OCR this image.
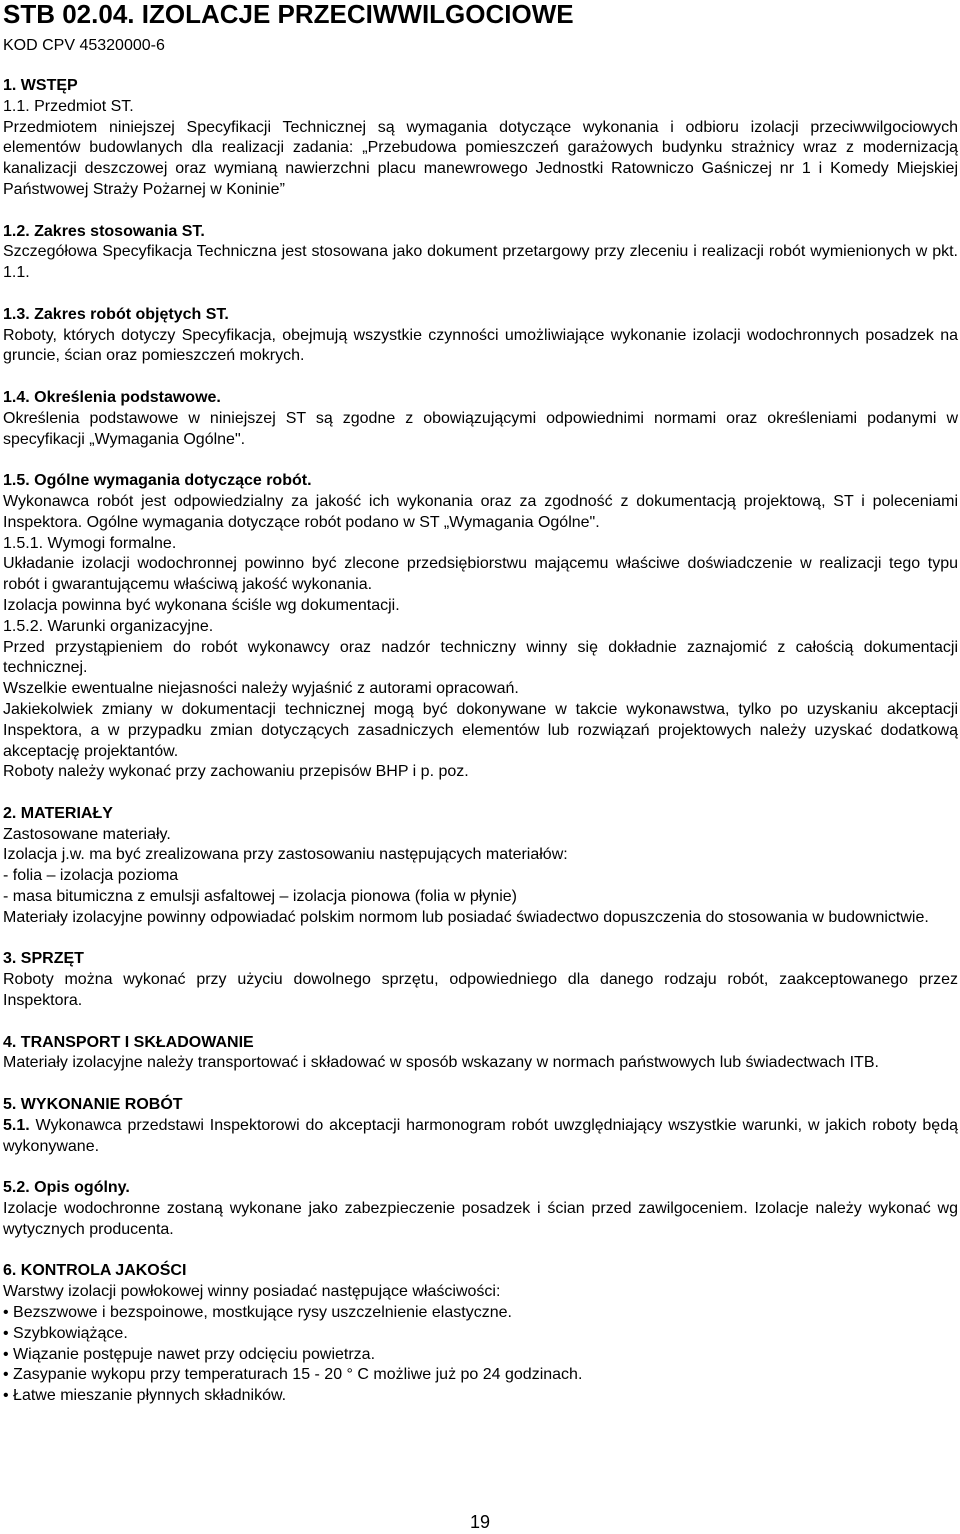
STB 02.04. IZOLACJE PRZECIWWILGOCIOWE

KOD CPV 45320000-6

1. WSTĘP

1.1. Przedmiot ST.

Przedmiotem niniejszej Specyfikacji Technicznej są wymagania dotyczące wykonania i odbioru izolacji przeciwwilgociowych elementów budowlanych dla realizacji zadania: „Przebudowa pomieszczeń garażowych budynku strażnicy wraz z modernizacją kanalizacji deszczowej oraz wymianą nawierzchni placu manewrowego Jednostki Ratowniczo Gaśniczej nr 1 i Komedy Miejskiej Państwowej Straży Pożarnej w Koninie”

1.2. Zakres stosowania ST.

Szczegółowa Specyfikacja Techniczna jest stosowana jako dokument przetargowy przy zleceniu i realizacji robót wymienionych w pkt. 1.1.

1.3. Zakres robót objętych ST.

Roboty, których dotyczy Specyfikacja, obejmują wszystkie czynności umożliwiające wykonanie izolacji wodochronnych posadzek na gruncie, ścian oraz pomieszczeń mokrych.

1.4. Określenia podstawowe.

Określenia podstawowe w niniejszej ST są zgodne z obowiązującymi odpowiednimi normami oraz określeniami podanymi w specyfikacji „Wymagania Ogólne".

1.5. Ogólne wymagania dotyczące robót.

Wykonawca robót jest odpowiedzialny za jakość ich wykonania oraz za zgodność z dokumentacją projektową, ST i poleceniami Inspektora. Ogólne wymagania dotyczące robót podano w ST „Wymagania Ogólne".

1.5.1. Wymogi formalne.

Układanie izolacji wodochronnej powinno być zlecone przedsiębiorstwu mającemu właściwe doświadczenie w realizacji tego typu robót i gwarantującemu właściwą jakość wykonania.

Izolacja powinna być wykonana ściśle wg dokumentacji.

1.5.2. Warunki organizacyjne.

Przed przystąpieniem do robót wykonawcy oraz nadzór techniczny winny się dokładnie zaznajomić z całością dokumentacji technicznej.

Wszelkie ewentualne niejasności należy wyjaśnić z autorami opracowań.

Jakiekolwiek zmiany w dokumentacji technicznej mogą być dokonywane w takcie wykonawstwa, tylko po uzyskaniu akceptacji Inspektora, a w przypadku zmian dotyczących zasadniczych elementów lub rozwiązań projektowych należy uzyskać dodatkową akceptację projektantów.

Roboty należy wykonać przy zachowaniu przepisów BHP i p. poz.

2. MATERIAŁY

Zastosowane materiały.

Izolacja j.w. ma być zrealizowana przy zastosowaniu następujących materiałów:

- folia – izolacja pozioma

- masa bitumiczna z emulsji asfaltowej – izolacja pionowa (folia w płynie)

Materiały izolacyjne powinny odpowiadać polskim normom lub posiadać świadectwo dopuszczenia do stosowania w budownictwie.

3. SPRZĘT

Roboty można wykonać przy użyciu dowolnego sprzętu, odpowiedniego dla danego rodzaju robót, zaakceptowanego przez Inspektora.

4. TRANSPORT I SKŁADOWANIE

Materiały izolacyjne należy transportować i składować w sposób wskazany w normach państwowych lub świadectwach ITB.

5. WYKONANIE ROBÓT

5.1. Wykonawca przedstawi Inspektorowi do akceptacji harmonogram robót uwzględniający wszystkie warunki, w jakich roboty będą wykonywane.

5.2. Opis ogólny.

Izolacje wodochronne zostaną wykonane jako zabezpieczenie posadzek i ścian przed zawilgoceniem. Izolacje należy wykonać wg wytycznych producenta.

6. KONTROLA JAKOŚCI

Warstwy izolacji powłokowej winny posiadać następujące właściwości:

• Bezszwowe i bezspoinowe, mostkujące rysy uszczelnienie elastyczne.

• Szybkowiążące.

• Wiązanie postępuje nawet przy odcięciu powietrza.

• Zasypanie wykopu przy temperaturach 15 - 20 ° C możliwe już po 24 godzinach.

• Łatwe mieszanie płynnych składników.

19
